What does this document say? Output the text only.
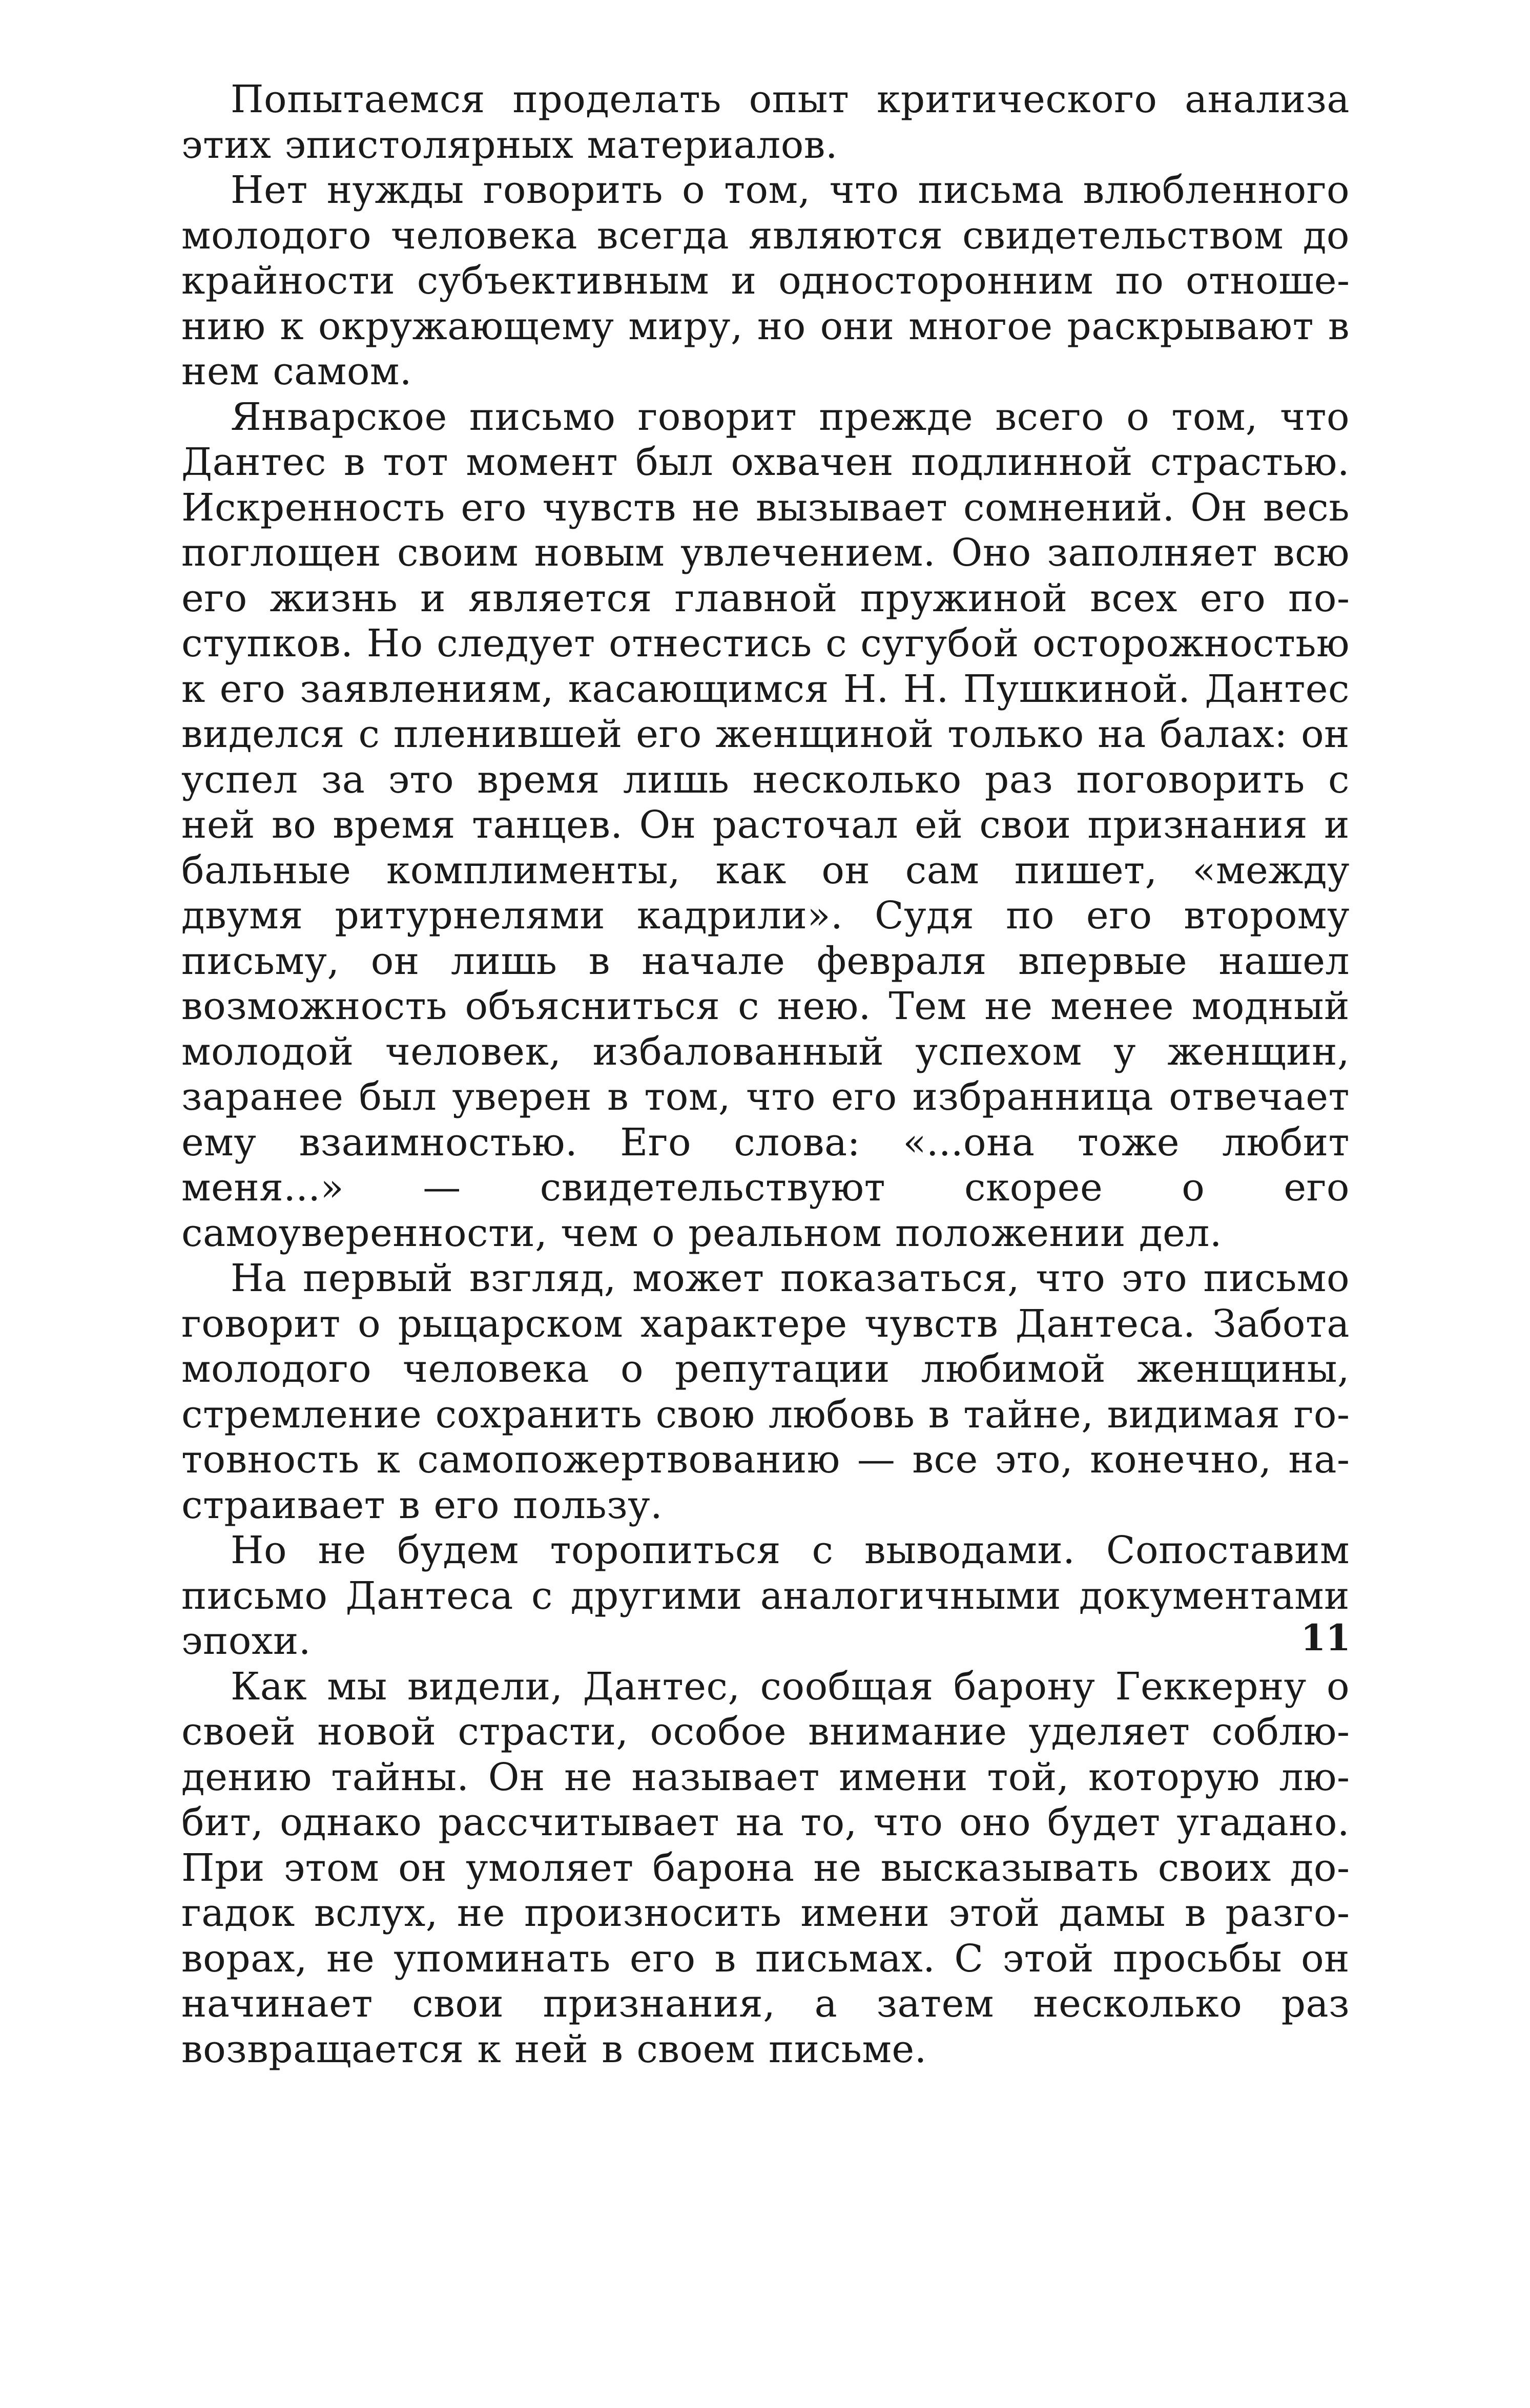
Попытаемся проделать опыт критического анализа этих эпистолярных материалов.

Нет нужды говорить о том, что письма влюбленного молодого человека всегда являются свидетельством до крайности субъективным и односторонним по отношению к окружающему миру, но они многое раскрывают в нем самом.

Январское письмо говорит прежде всего о том, что Дантес в тот момент был охвачен подлинной страстью. Искренность его чувств не вызывает сомнений. Он весь поглощен своим новым увлечением. Оно заполняет всю его жизнь и является главной пружиной всех его поступков. Но следует отнестись с сугубой осторожностью к его заявлениям, касающимся Н. Н. Пушкиной. Дантес виделся с пленившей его женщиной только на балах: он успел за это время лишь несколько раз поговорить с ней во время танцев. Он расточал ей свои признания и бальные комплименты, как он сам пишет, «между двумя ритурнелями кадрили». Судя по его второму письму, он лишь в начале февраля впервые нашел возможность объясниться с нею. Тем не менее модный молодой человек, избалованный успехом у женщин, заранее был уверен в том, что его избранница отвечает ему взаимностью. Его слова: «...она тоже любит меня...» — свидетельствуют скорее о его самоуверенности, чем о реальном положении дел.

На первый взгляд, может показаться, что это письмо говорит о рыцарском характере чувств Дантеса. Забота молодого человека о репутации любимой женщины, стремление сохранить свою любовь в тайне, видимая готовность к самопожертвованию — все это, конечно, настраивает в его пользу.

Но не будем торопиться с выводами. Сопоставим письмо Дантеса с другими аналогичными документами эпохи.

Как мы видели, Дантес, сообщая барону Геккерну о своей новой страсти, особое внимание уделяет соблюдению тайны. Он не называет имени той, которую любит, однако рассчитывает на то, что оно будет угадано. При этом он умоляет барона не высказывать своих догадок вслух, не произносить имени этой дамы в разговорах, не упоминать его в письмах. С этой просьбы он начинает свои признания, а затем несколько раз возвращается к ней в своем письме.

11
